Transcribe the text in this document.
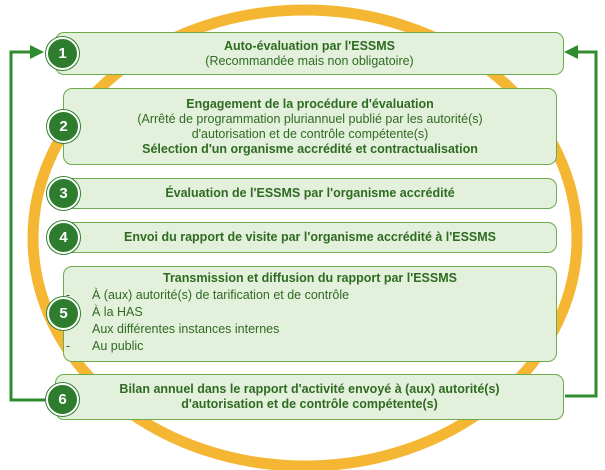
Auto-évaluation par l'ESSMS
(Recommandée mais non obligatoire)
1
Engagement de la procédure d'évaluation
(Arrêté de programmation pluriannuel publié par les autorité(s) d'autorisation et de contrôle compétente(s)
Sélection d'un organisme accrédité et contractualisation
2
Évaluation de l'ESSMS par l'organisme accrédité
3
Envoi du rapport de visite par l'organisme accrédité à l'ESSMS
4
Transmission et diffusion du rapport par l'ESSMS
- À (aux) autorité(s) de tarification et de contrôle
- À la HAS
- Aux différentes instances internes
- Au public
5
Bilan annuel dans le rapport d'activité envoyé à (aux) autorité(s)
d'autorisation et de contrôle compétente(s)
6
